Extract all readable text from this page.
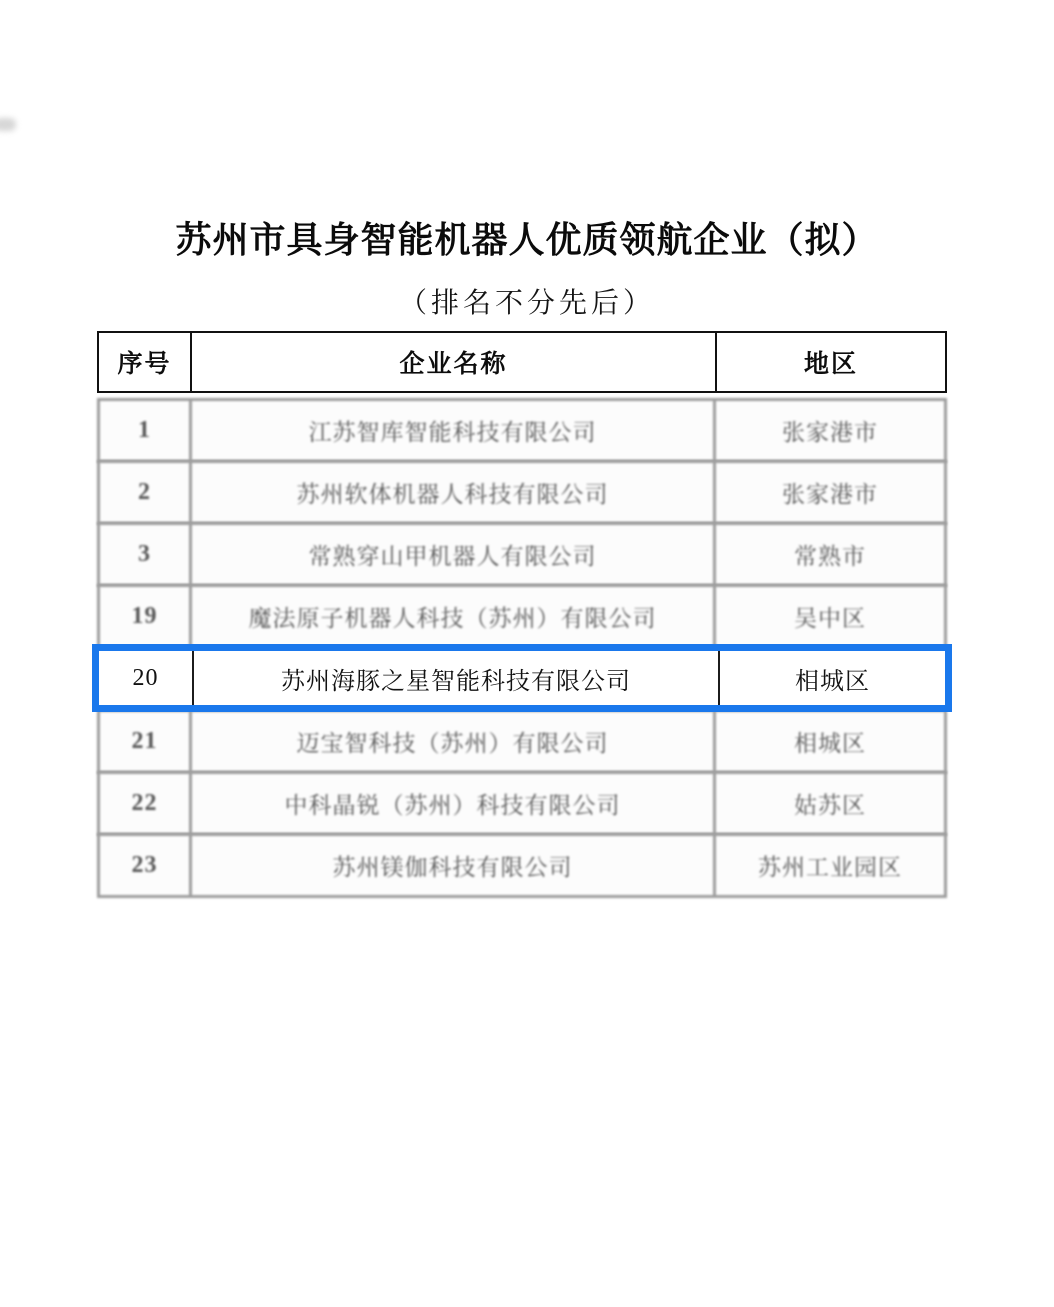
苏州市具身智能机器人优质领航企业（拟）
（排名不分先后）
序号	企业名称	地区
1	江苏智库智能科技有限公司	张家港市
2	苏州软体机器人科技有限公司	张家港市
3	常熟穿山甲机器人有限公司	常熟市
19	魔法原子机器人科技（苏州）有限公司	吴中区
20	苏州海豚之星智能科技有限公司	相城区
21	迈宝智科技（苏州）有限公司	相城区
22	中科晶锐（苏州）科技有限公司	姑苏区
23	苏州镁伽科技有限公司	苏州工业园区
